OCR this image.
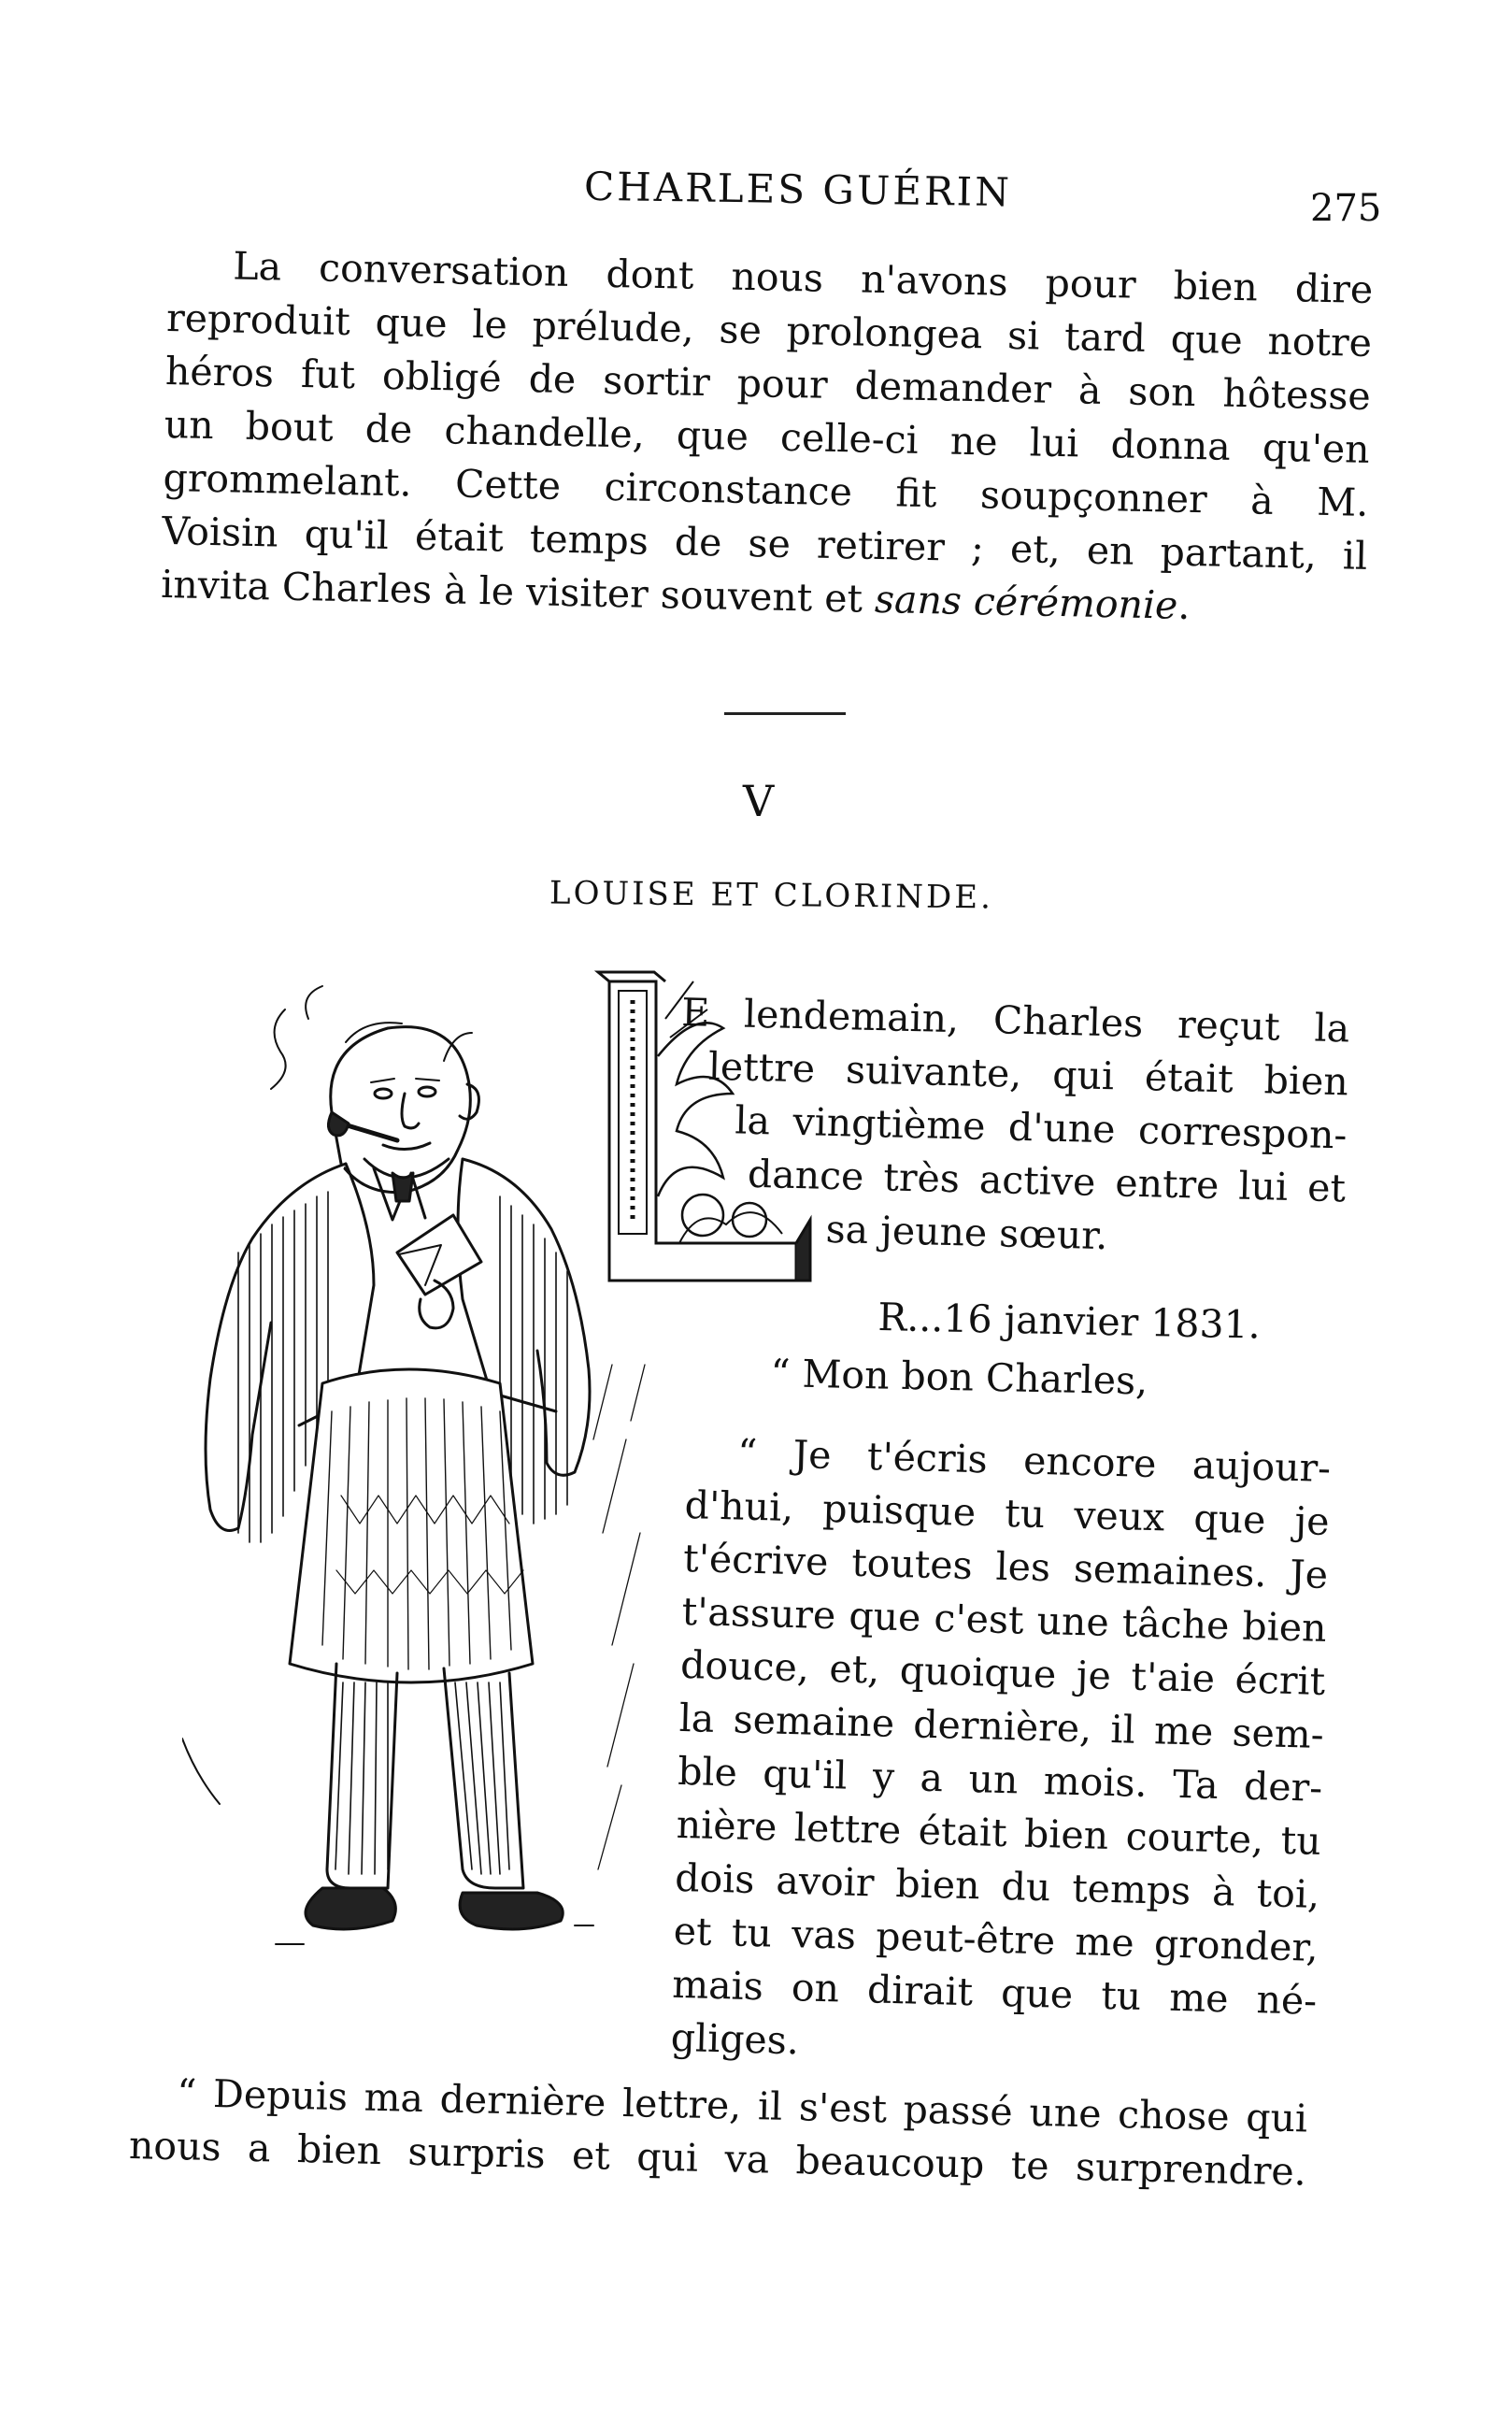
CHARLES GUÉRIN	275
La conversation dont nous n'avons pour bien dire
reproduit que le prélude, se prolongea si tard que notre
héros fut obligé de sortir pour demander à son hôtesse
un bout de chandelle, que celle-ci ne lui donna qu'en
grommelant. Cette circonstance fit soupçonner à M.
Voisin qu'il était temps de se retirer ; et, en partant, il
invita Charles à le visiter souvent et sans cérémonie.
V
LOUISE ET CLORINDE.
E lendemain, Charles reçut la
lettre suivante, qui était bien
la vingtième d'une correspon-
dance très active entre lui et
sa jeune sœur.
R...16 janvier 1831.
“ Mon bon Charles,
“ Je t'écris encore aujour-
d'hui, puisque tu veux que je
t'écrive toutes les semaines. Je
t'assure que c'est une tâche bien
douce, et, quoique je t'aie écrit
la semaine dernière, il me sem-
ble qu'il y a un mois. Ta der-
nière lettre était bien courte, tu
dois avoir bien du temps à toi,
et tu vas peut-être me gronder,
mais on dirait que tu me né-
gliges.
“ Depuis ma dernière lettre, il s'est passé une chose qui
nous a bien surpris et qui va beaucoup te surprendre.
